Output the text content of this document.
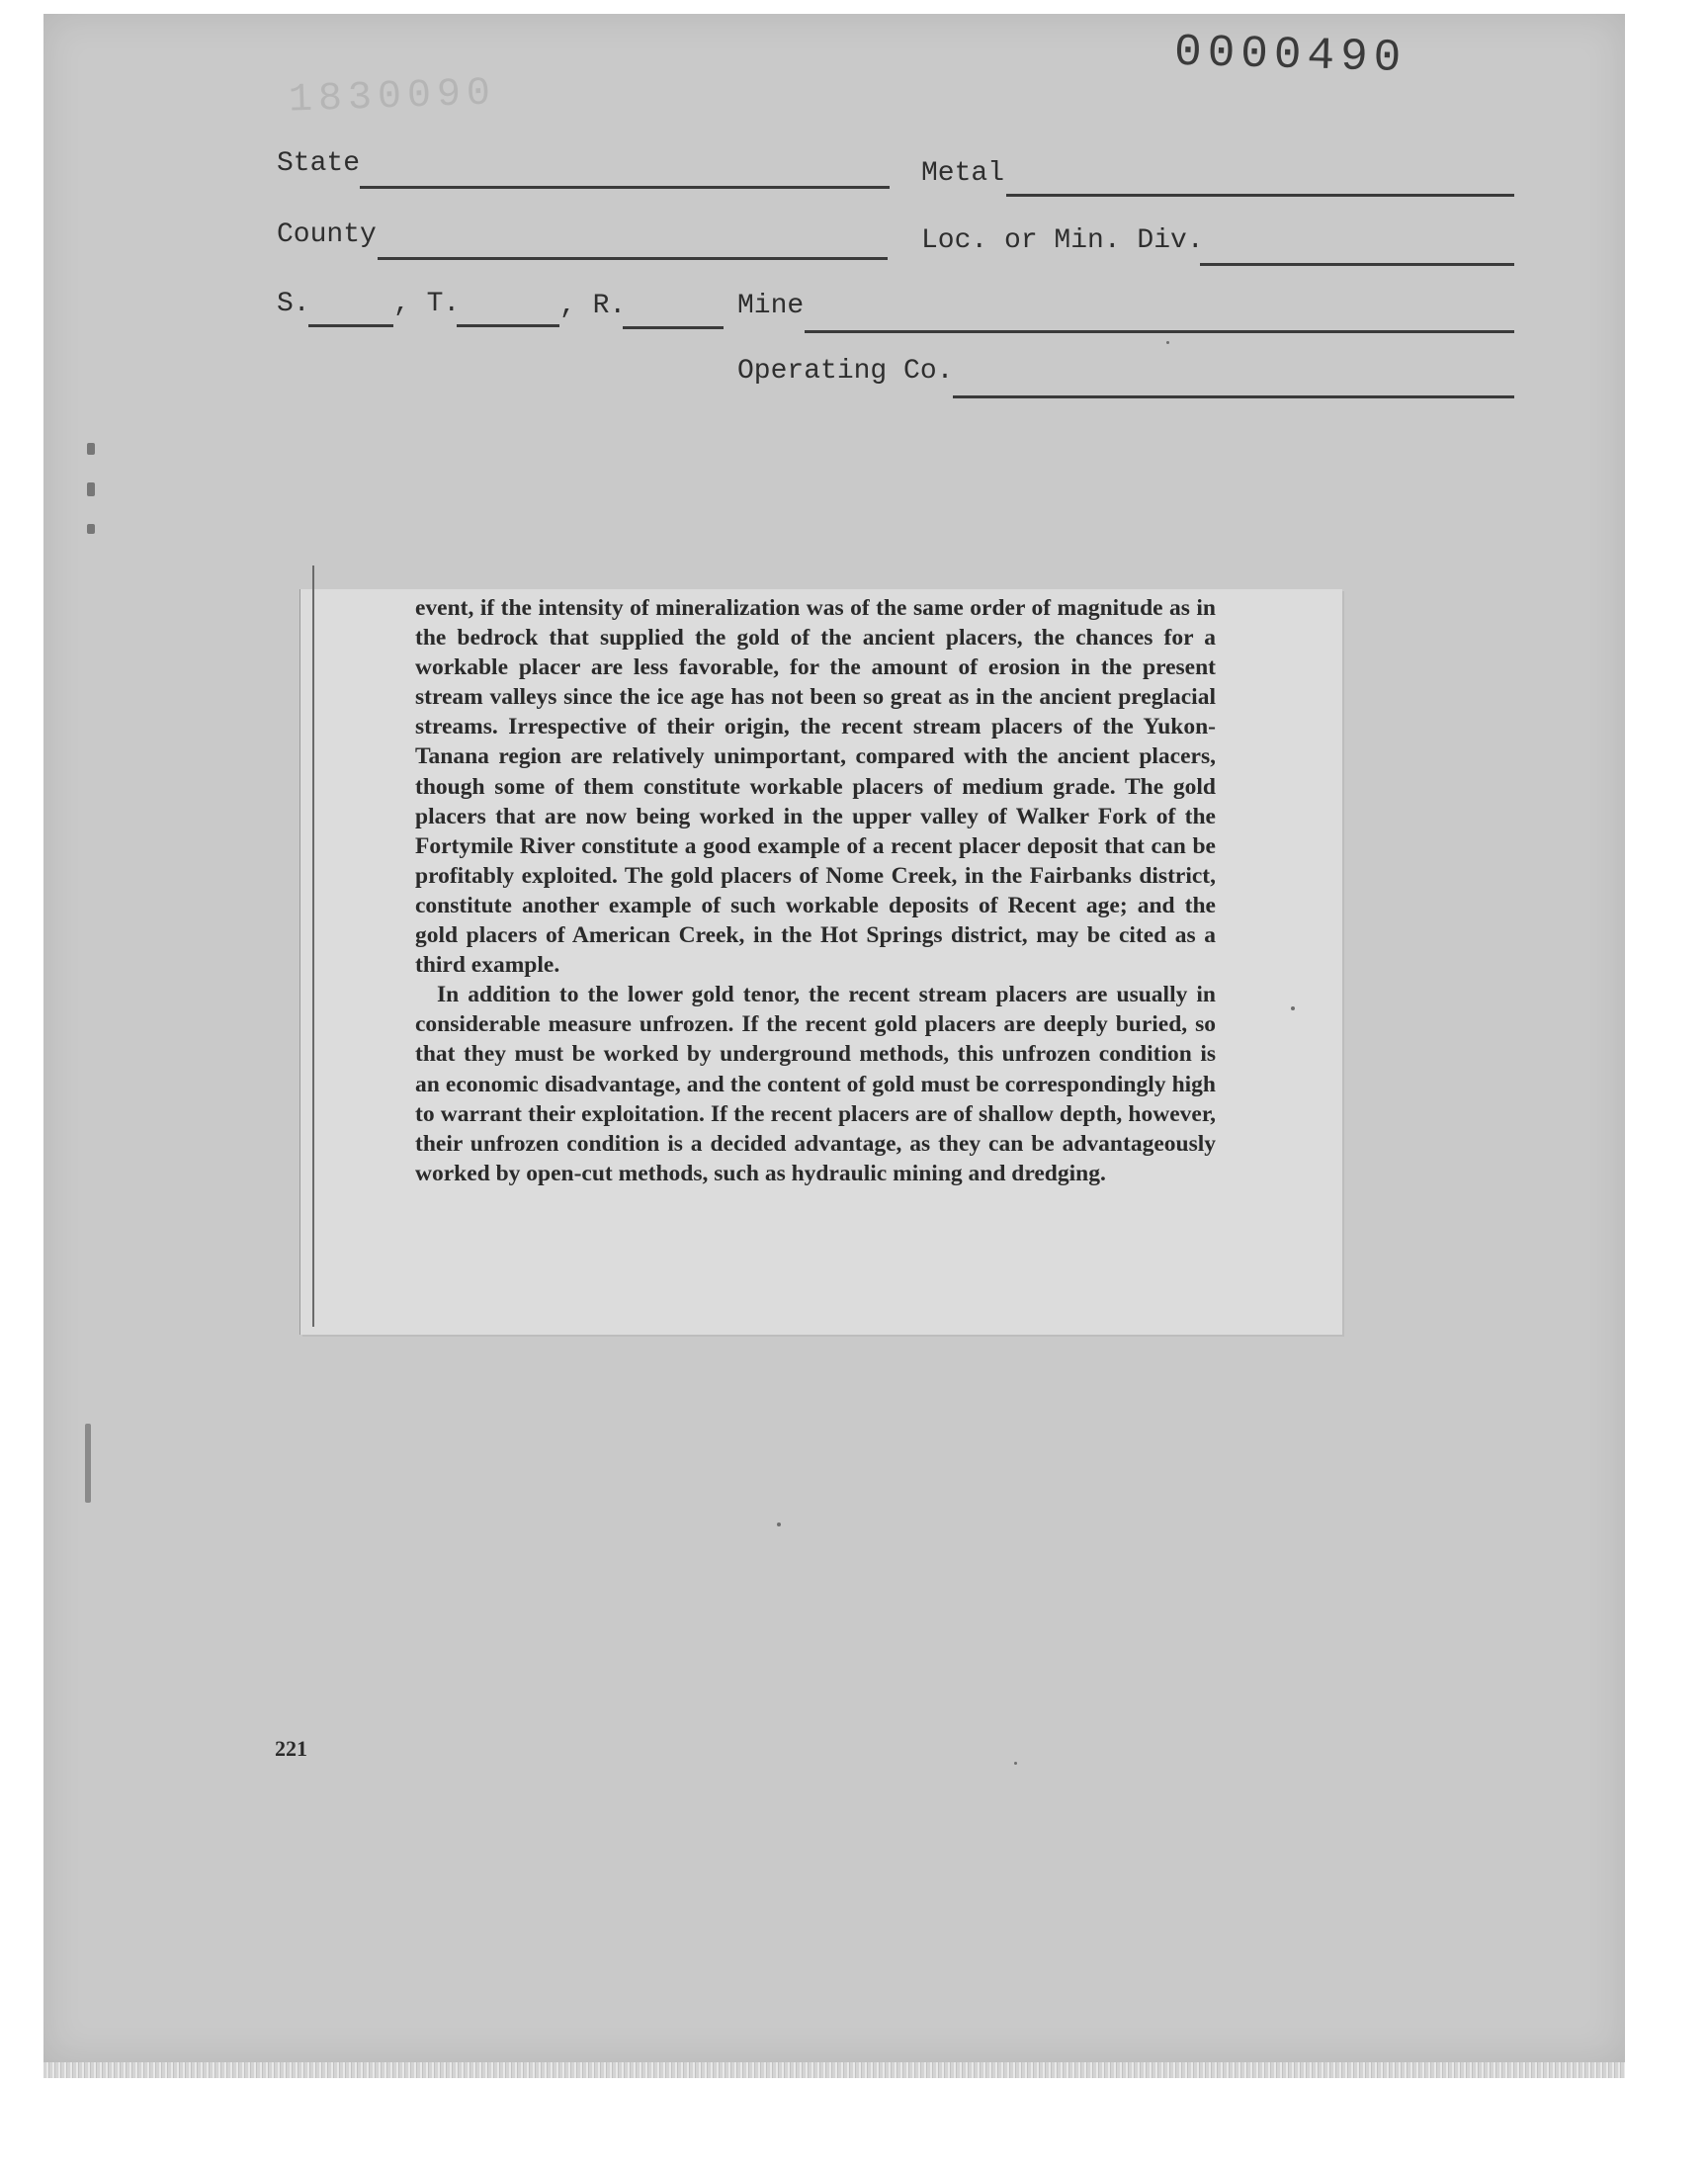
1830090
0000490
State	Metal
County	Loc. or Min. Div.
S.	, T.	, R.	Mine
Operating Co.

event, if the intensity of mineralization was of the same order of magnitude as in the bedrock that supplied the gold of the ancient placers, the chances for a workable placer are less favorable, for the amount of erosion in the present stream valleys since the ice age has not been so great as in the ancient preglacial streams. Irrespective of their origin, the recent stream placers of the Yukon-Tanana region are relatively unimportant, compared with the ancient placers, though some of them constitute workable placers of medium grade. The gold placers that are now being worked in the upper valley of Walker Fork of the Fortymile River constitute a good example of a recent placer deposit that can be profitably exploited. The gold placers of Nome Creek, in the Fairbanks district, constitute another example of such workable deposits of Recent age; and the gold placers of American Creek, in the Hot Springs district, may be cited as a third example.

In addition to the lower gold tenor, the recent stream placers are usually in considerable measure unfrozen. If the recent gold placers are deeply buried, so that they must be worked by underground methods, this unfrozen condition is an economic disadvantage, and the content of gold must be correspondingly high to warrant their exploitation. If the recent placers are of shallow depth, however, their unfrozen condition is a decided advantage, as they can be advantageously worked by open-cut methods, such as hydraulic mining and dredging.

221
